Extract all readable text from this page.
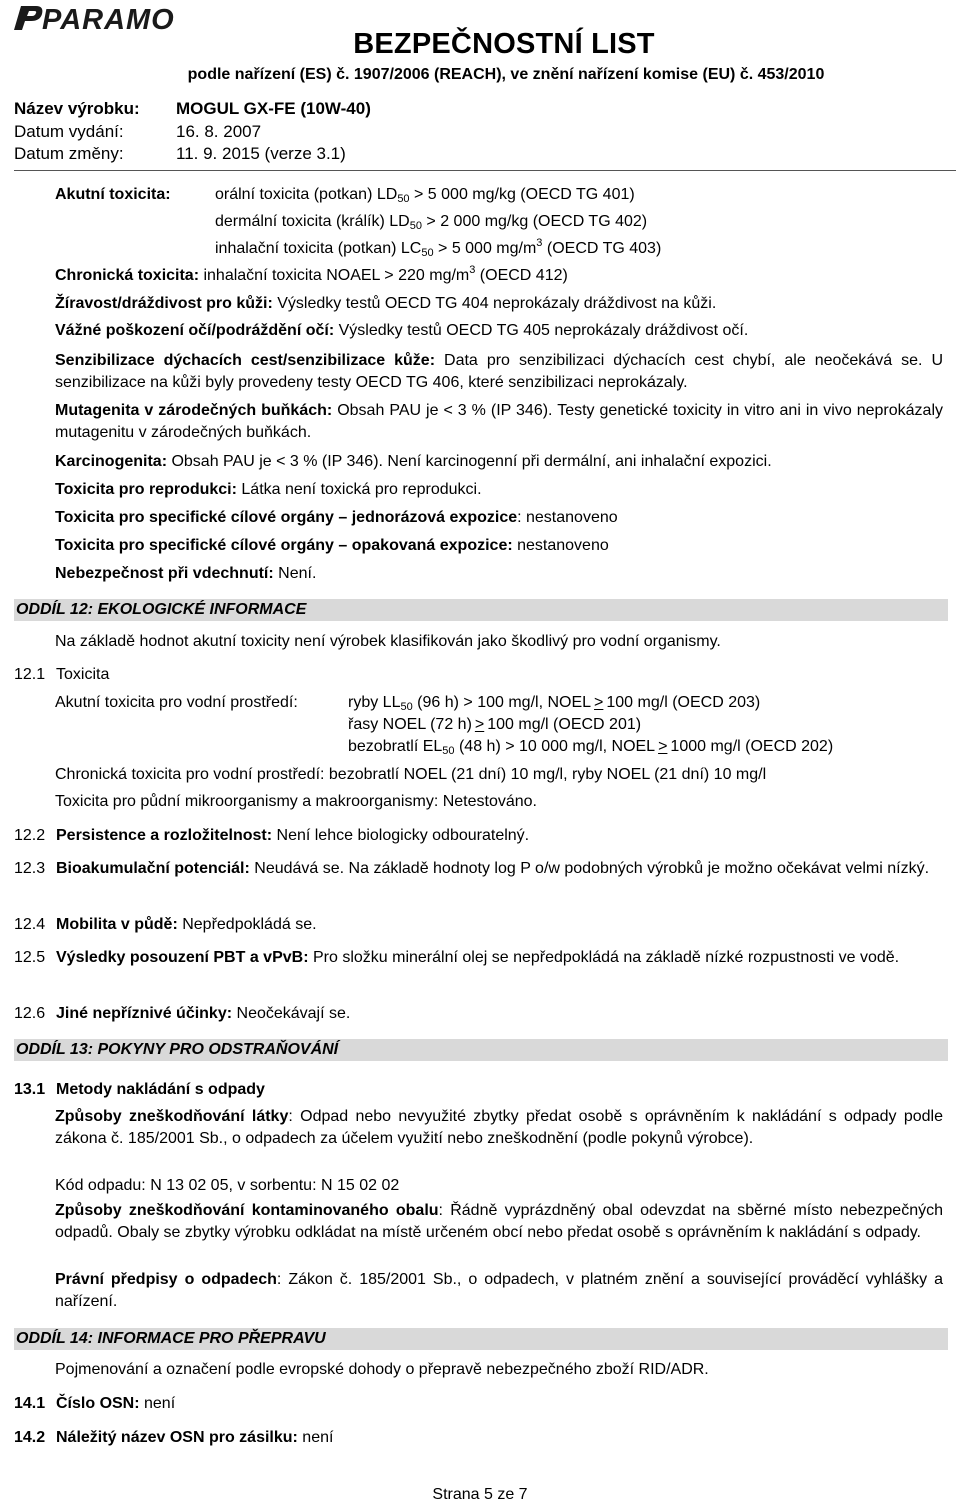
PARAMO
BEZPEČNOSTNÍ LIST
podle nařízení (ES) č. 1907/2006 (REACH), ve znění nařízení komise (EU) č. 453/2010
Název výrobku: MOGUL GX-FE (10W-40)
Datum vydání:	16. 8. 2007
Datum změny:	11. 9. 2015 (verze 3.1)
Akutní toxicita:	orální toxicita (potkan) $LD_{50} > 5$ 000 mg/kg (OECD TG 401)
dermální toxicita (králík) $LD_{50} > 2$ 000 mg/kg (OECD TG 402)
inhalační toxicita (potkan) $LC_{50} > 5$ 000 $mg/m^3$ (OECD TG 403)
Chronická toxicita: inhalační toxicita NOAEL > 220 $mg/m^3$ (OECD 412)
Žíravost/dráždivost pro kůži: Výsledky testů OECD TG 404 neprokázaly dráždivost na kůži.
Vážné poškození očí/podráždění očí: Výsledky testů OECD TG 405 neprokázaly dráždivost očí.
Senzibilizace dýchacích cest/senzibilizace kůže: Data pro senzibilizaci dýchacích cest chybí, ale neočekává se. U senzibilizace na kůži byly provedeny testy OECD TG 406, které senzibilizaci neprokázaly.
Mutagenita v zárodečných buňkách: Obsah PAU je < 3 % (IP 346). Testy genetické toxicity in vitro ani in vivo neprokázaly mutagenitu v zárodečných buňkách.
Karcinogenita: Obsah PAU je < 3 % (IP 346). Není karcinogenní při dermální, ani inhalační expozici.
Toxicita pro reprodukci: Látka není toxická pro reprodukci.
Toxicita pro specifické cílové orgány – jednorázová expozice: nestanoveno
Toxicita pro specifické cílové orgány – opakovaná expozice: nestanoveno
Nebezpečnost při vdechnutí: Není.
ODDÍL 12: EKOLOGICKÉ INFORMACE
Na základě hodnot akutní toxicity není výrobek klasifikován jako škodlivý pro vodní organismy.
12.1 Toxicita
Akutní toxicita pro vodní prostředí:	ryby $LL_{50}$ (96 h) > 100 mg/l, NOEL > 100 mg/l (OECD 203)
řasy NOEL (72 h) > 100 mg/l (OECD 201)
bezobratlí $EL_{50}$ (48 h) > 10 000 mg/l, NOEL > 1000 mg/l (OECD 202)
Chronická toxicita pro vodní prostředí: bezobratlí NOEL (21 dní) 10 mg/l, ryby NOEL (21 dní) 10 mg/l
Toxicita pro půdní mikroorganismy a makroorganismy: Netestováno.
12.2 Persistence a rozložitelnost: Není lehce biologicky odbouratelný.
12.3 Bioakumulační potenciál: Neudává se. Na základě hodnoty log P o/w podobných výrobků je možno očekávat velmi nízký.
12.4 Mobilita v půdě: Nepředpokládá se.
12.5 Výsledky posouzení PBT a vPvB: Pro složku minerální olej se nepředpokládá na základě nízké rozpustnosti ve vodě.
12.6 Jiné nepříznivé účinky: Neočekávají se.
ODDÍL 13: POKYNY PRO ODSTRAŇOVÁNÍ
13.1 Metody nakládání s odpady
Způsoby zneškodňování látky: Odpad nebo nevyužité zbytky předat osobě s oprávněním k nakládání s odpady podle zákona č. 185/2001 Sb., o odpadech za účelem využití nebo zneškodnění (podle pokynů výrobce).
Kód odpadu: N 13 02 05, v sorbentu: N 15 02 02
Způsoby zneškodňování kontaminovaného obalu: Řádně vyprázdněný obal odevzdat na sběrné místo nebezpečných odpadů. Obaly se zbytky výrobku odkládat na místě určeném obcí nebo předat osobě s oprávněním k nakládání s odpady.
Právní předpisy o odpadech: Zákon č. 185/2001 Sb., o odpadech, v platném znění a související prováděcí vyhlášky a nařízení.
ODDÍL 14: INFORMACE PRO PŘEPRAVU
Pojmenování a označení podle evropské dohody o přepravě nebezpečného zboží RID/ADR.
14.1 Číslo OSN: není
14.2 Náležitý název OSN pro zásilku: není
Strana 5 ze 7
